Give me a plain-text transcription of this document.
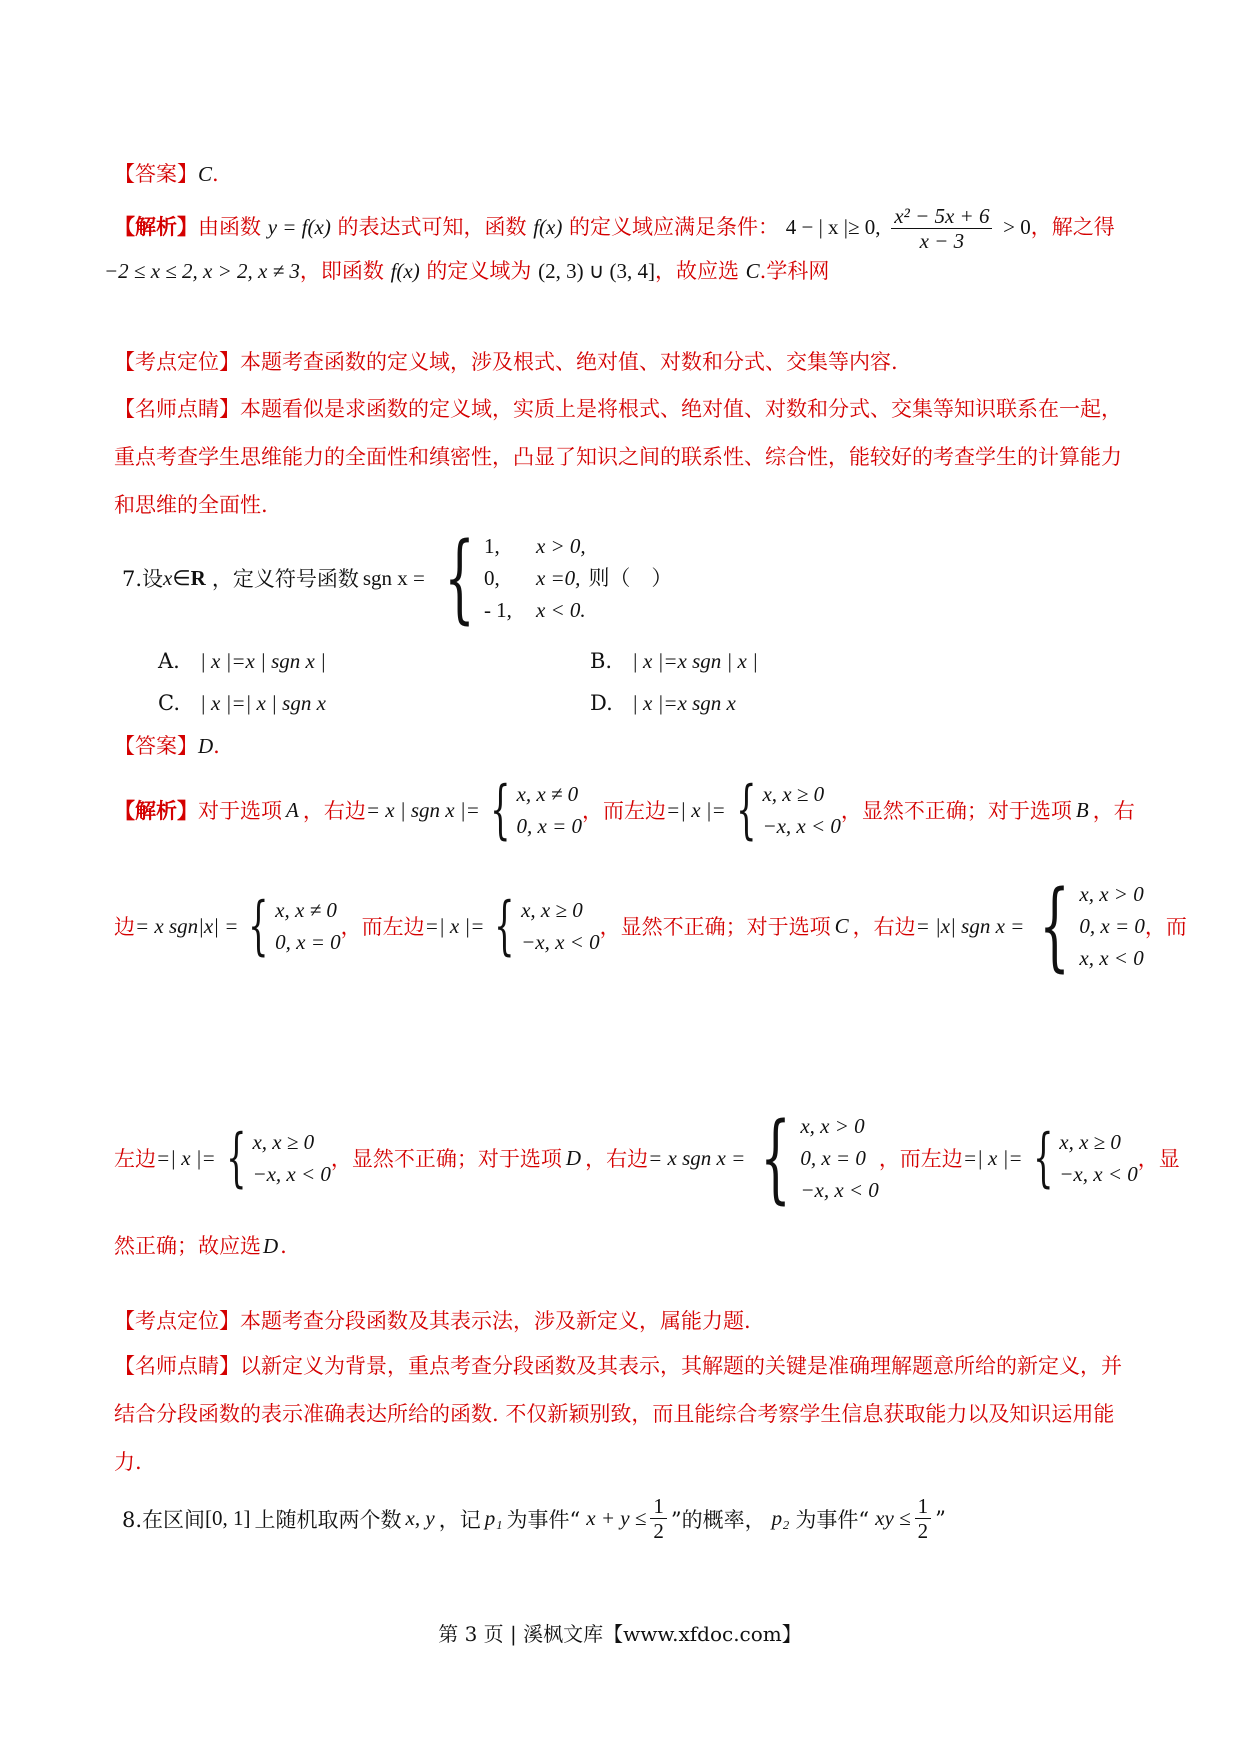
【答案】C.
【解析】由函数 y = f(x) 的表达式可知，函数 f(x) 的定义域应满足条件： 4 − | x |≥ 0, $\frac{\text{x² − 5x + 6}}{x - 3} > 0$，解之得
−2 ≤ x ≤ 2, x > 2, x ≠ 3，即函数 f(x) 的定义域为 (2, 3) ∪ (3, 4]，故应选 C.学科网
【考点定位】本题考查函数的定义域，涉及根式、绝对值、对数和分式、交集等内容.
【名师点睛】本题看似是求函数的定义域，实质上是将根式、绝对值、对数和分式、交集等知识联系在一起，重点考查学生思维能力的全面性和缜密性，凸显了知识之间的联系性、综合性，能较好的考查学生的计算能力和思维的全面性.
7.设 x ∈ R ，定义符号函数 sgn x = { 1, x > 0,
0, x =0, 则（　）
- 1, x < 0.
A. | x |=x | sgn x |	B. | x |=x sgn | x |
C. | x |=| x | sgn x	D. | x |=x sgn x
【答案】D.
【解析】 对于选项 A ，右边 = x | sgn x |= { x, x ≠ 0
0, x = 0
，而左边 =| x |= { x, x ≥ 0
−x, x < 0
，显然不正确；对于选项 B ，右
边 = x sgn|x| = { x, x ≠ 0
0, x = 0
，而左边 =| x |= { x, x ≥ 0
−x, x < 0
，显然不正确；对于选项 C ，右边 = |x| sgn x = { x, x > 0
0, x = 0
x, x < 0
，而
左边 =| x |= { x, x ≥ 0
−x, x < 0
，显然不正确；对于选项 D ，右边 = x sgn x = { x, x > 0
0, x = 0
−x, x < 0
，而左边 =| x |= { x, x ≥ 0
−x, x < 0
，显
然正确；故应选D.
【考点定位】本题考查分段函数及其表示法，涉及新定义，属能力题.
【名师点睛】以新定义为背景，重点考查分段函数及其表示，其解题的关键是准确理解题意所给的新定义，并结合分段函数的表示准确表达所给的函数. 不仅新颖别致，而且能综合考察学生信息获取能力以及知识运用能力.
8.在区间 [0, 1] 上随机取两个数 x, y ，记 p₁ 为事件“ $x + y \le \frac{1}{2}$ ”的概率， p₂ 为事件“ xy ≤ $\frac{1}{2}$ ”
第 3 页 | 溪枫文库【www.xfdoc.com】
